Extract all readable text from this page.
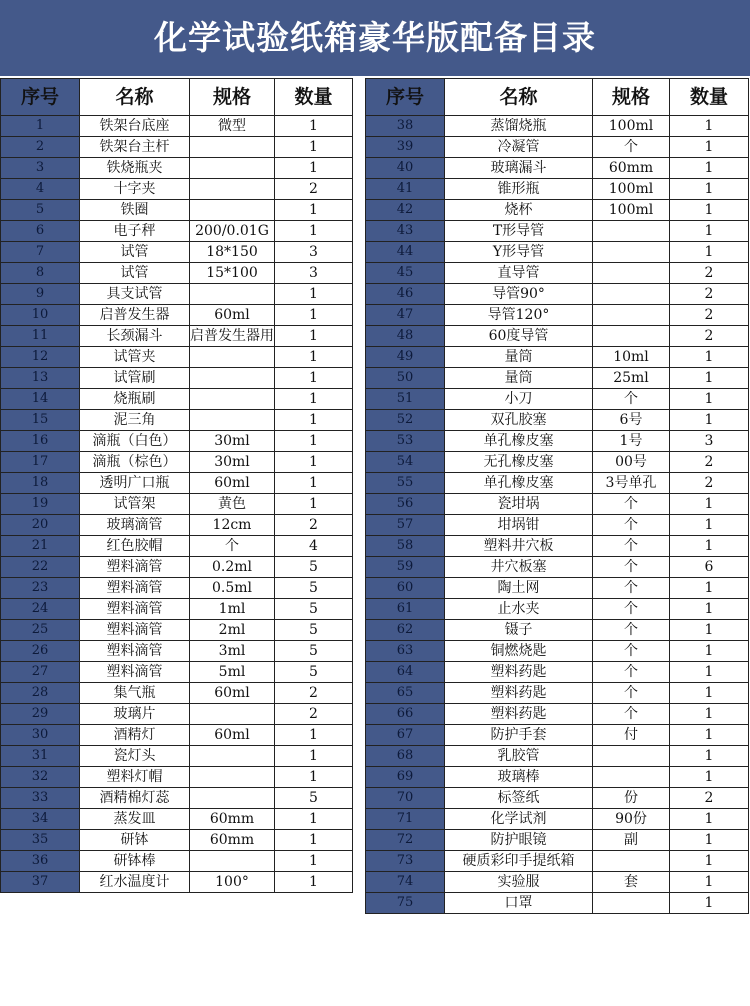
化学试验纸箱豪华版配备目录
序号	名称	规格	数量
1	铁架台底座	微型	1
2	铁架台主杆		1
3	铁烧瓶夹		1
4	十字夹		2
5	铁圈		1
6	电子秤	200/0.01G	1
7	试管	18*150	3
8	试管	15*100	3
9	具支试管		1
10	启普发生器	60ml	1
11	长颈漏斗	启普发生器用	1
12	试管夹		1
13	试管刷		1
14	烧瓶刷		1
15	泥三角		1
16	滴瓶（白色）	30ml	1
17	滴瓶（棕色）	30ml	1
18	透明广口瓶	60ml	1
19	试管架	黄色	1
20	玻璃滴管	12cm	2
21	红色胶帽	个	4
22	塑料滴管	0.2ml	5
23	塑料滴管	0.5ml	5
24	塑料滴管	1ml	5
25	塑料滴管	2ml	5
26	塑料滴管	3ml	5
27	塑料滴管	5ml	5
28	集气瓶	60ml	2
29	玻璃片		2
30	酒精灯	60ml	1
31	瓷灯头		1
32	塑料灯帽		1
33	酒精棉灯蕊		5
34	蒸发皿	60mm	1
35	研钵	60mm	1
36	研钵棒		1
37	红水温度计	100°	1
序号	名称	规格	数量
38	蒸馏烧瓶	100ml	1
39	冷凝管	个	1
40	玻璃漏斗	60mm	1
41	锥形瓶	100ml	1
42	烧杯	100ml	1
43	T形导管		1
44	Y形导管		1
45	直导管		2
46	导管90°		2
47	导管120°		2
48	60度导管		2
49	量筒	10ml	1
50	量筒	25ml	1
51	小刀	个	1
52	双孔胶塞	6号	1
53	单孔橡皮塞	1号	3
54	无孔橡皮塞	00号	2
55	单孔橡皮塞	3号单孔	2
56	瓷坩埚	个	1
57	坩埚钳	个	1
58	塑料井穴板	个	1
59	井穴板塞	个	6
60	陶土网	个	1
61	止水夹	个	1
62	镊子	个	1
63	铜燃烧匙	个	1
64	塑料药匙	个	1
65	塑料药匙	个	1
66	塑料药匙	个	1
67	防护手套	付	1
68	乳胶管		1
69	玻璃棒		1
70	标签纸	份	2
71	化学试剂	90份	1
72	防护眼镜	副	1
73	硬质彩印手提纸箱		1
74	实验服	套	1
75	口罩		1
